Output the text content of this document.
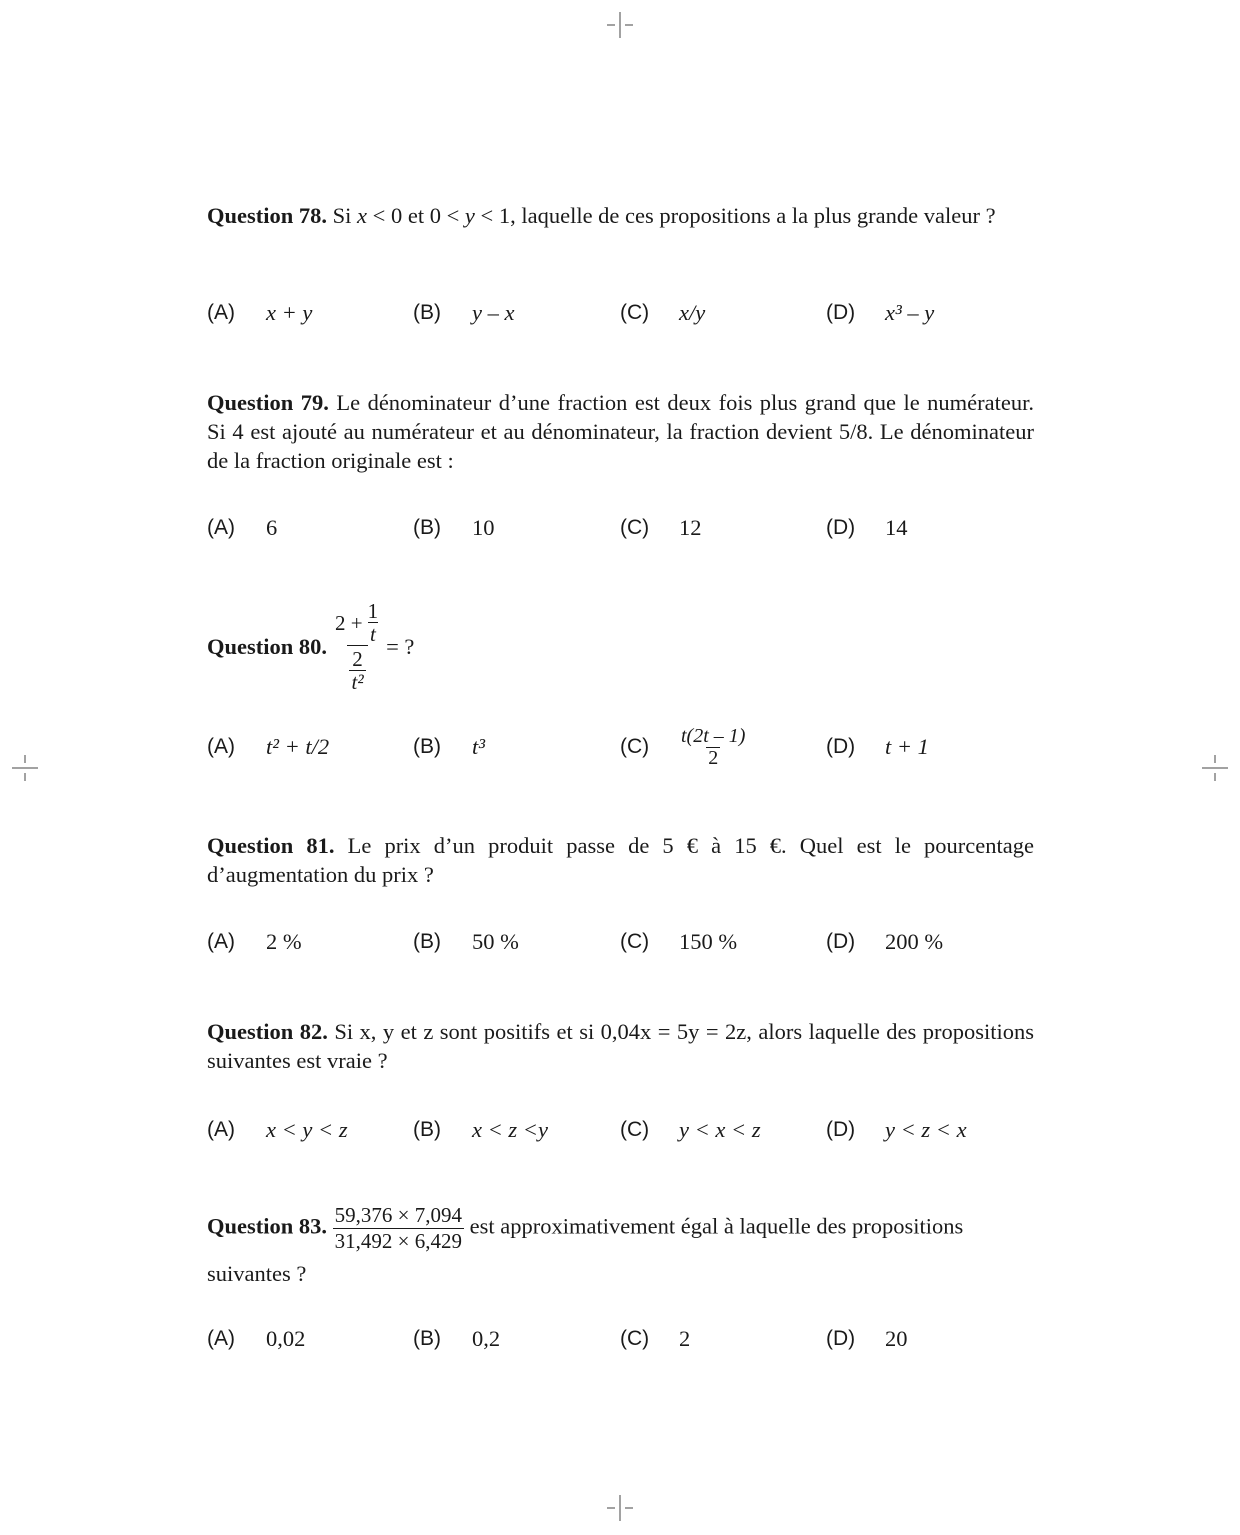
Question 78. Si x < 0 et 0 < y < 1, laquelle de ces propositions a la plus grande valeur ?
(A)	x + y	(B)	y – x	(C)	x/y	(D)	x³ – y
Question 79. Le dénominateur d’une fraction est deux fois plus grand que le numérateur. Si 4 est ajouté au numérateur et au dénominateur, la fraction devient 5/8. Le dénominateur de la fraction originale est :
(A)	6	(B)	10	(C)	12	(D)	14
Question 80. $\frac{2 + \frac{1}{t}}{\frac{2}{\text{t²}}}$ = ?
(A)	t² + t/2	(B)	t³	(C)	$\frac{t(2t - 1)}{2}$	(D)	t + 1
Question 81. Le prix d’un produit passe de 5 € à 15 €. Quel est le pourcentage d’augmentation du prix ?
(A)	2 %	(B)	50 %	(C)	150 %	(D)	200 %
Question 82. Si x, y et z sont positifs et si 0,04x = 5y = 2z, alors laquelle des propositions suivantes est vraie ?
(A)	x < y < z	(B)	x < z <y	(C)	y < x < z	(D)	y < z < x
Question 83. $\frac{59,376 \times 7,094}{31,492 \times 6,429}$ est approximativement égal à laquelle des propositions suivantes ?
(A)	0,02	(B)	0,2	(C)	2	(D)	20
